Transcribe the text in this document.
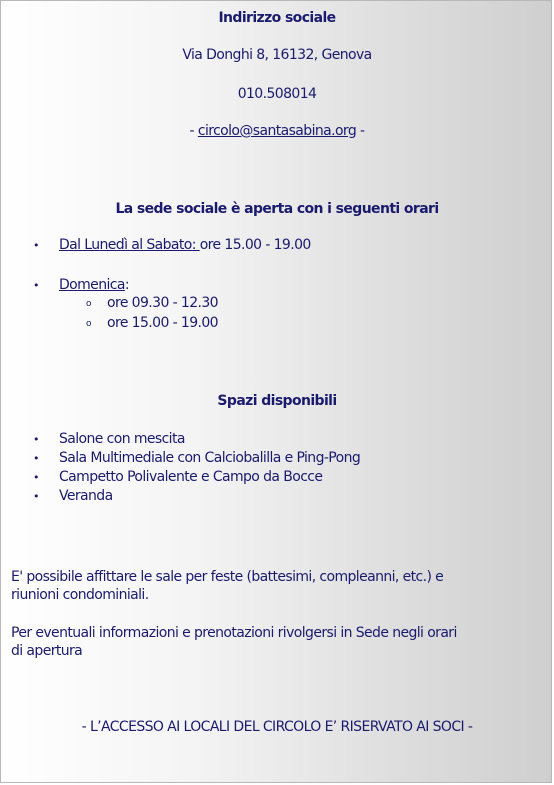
Indirizzo sociale
Via Donghi 8, 16132, Genova
010.508014
- circolo@santasabina.org -
La sede sociale è aperta con i seguenti orari
• Dal Lunedì al Sabato: ore 15.00 - 19.00
• Domenica:
o ore 09.30 - 12.30
o ore 15.00 - 19.00
Spazi disponibili
• Salone con mescita
• Sala Multimediale con Calciobalilla e Ping-Pong
• Campetto Polivalente e Campo da Bocce
• Veranda
E' possibile affittare le sale per feste (battesimi, compleanni, etc.) e
riunioni condominiali.
Per eventuali informazioni e prenotazioni rivolgersi in Sede negli orari
di apertura
- L’ACCESSO AI LOCALI DEL CIRCOLO E’ RISERVATO AI SOCI -
